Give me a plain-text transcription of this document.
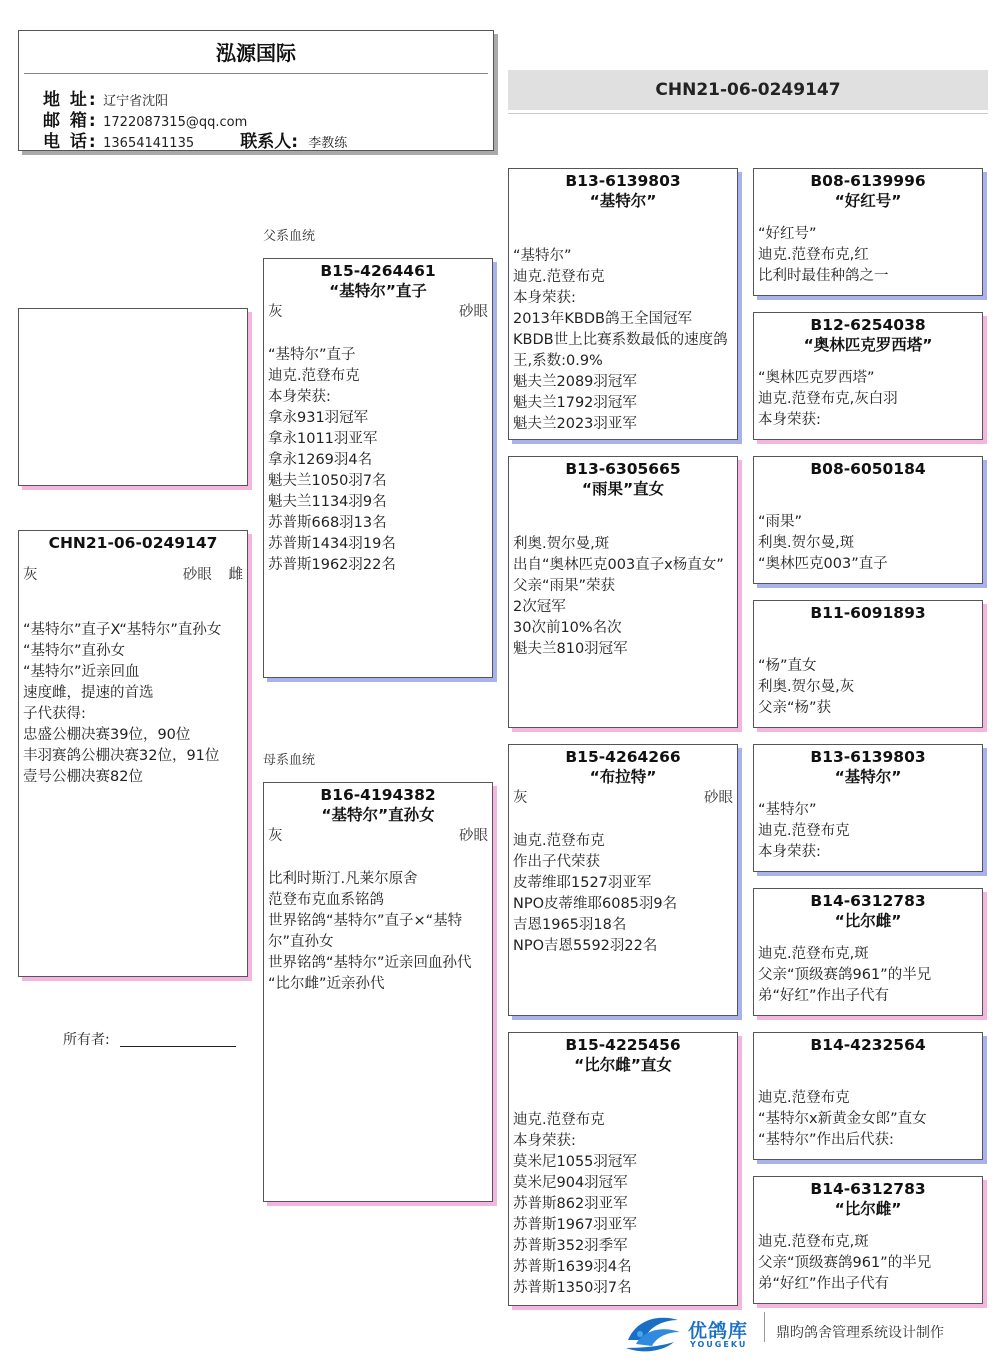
泓源国际
地 址: 辽宁省沈阳
邮 箱: 1722087315@qq.com
电 话: 13654141135	联系人: 李教练
CHN21-06-0249147
CHN21-06-0249147
灰	砂眼 雌
“基特尔”直子X“基特尔”直孙女
“基特尔”直孙女
“基特尔”近亲回血
速度雌，提速的首选
子代获得:
忠盛公棚决赛39位，90位
丰羽赛鸽公棚决赛32位，91位
壹号公棚决赛82位
所有者:
父系血统
母系血统
B15-4264461
“基特尔”直子
灰	砂眼
“基特尔”直子
迪克.范登布克
本身荣获:
拿永931羽冠军
拿永1011羽亚军
拿永1269羽4名
魁夫兰1050羽7名
魁夫兰1134羽9名
苏普斯668羽13名
苏普斯1434羽19名
苏普斯1962羽22名
B16-4194382
“基特尔”直孙女
灰	砂眼
比利时斯汀.凡莱尔原舍
范登布克血系铭鸽
世界铭鸽“基特尔”直子×“基特尔”直孙女
世界铭鸽“基特尔”近亲回血孙代
“比尔雌”近亲孙代
B13-6139803
“基特尔”
“基特尔”
迪克.范登布克
本身荣获:
2013年KBDB鸽王全国冠军
KBDB世上比赛系数最低的速度鸽王,系数:0.9%
魁夫兰2089羽冠军
魁夫兰1792羽冠军
魁夫兰2023羽亚军
B13-6305665
“雨果”直女
利奥.贺尔曼,斑
出自“奥林匹克003直子x杨直女”
父亲“雨果”荣获
2次冠军
30次前10%名次
魁夫兰810羽冠军
B15-4264266
“布拉特”
灰	砂眼
迪克.范登布克
作出子代荣获
皮蒂维耶1527羽亚军
NPO皮蒂维耶6085羽9名
吉恩1965羽18名
NPO吉恩5592羽22名
B15-4225456
“比尔雌”直女
迪克.范登布克
本身荣获:
莫米尼1055羽冠军
莫米尼904羽冠军
苏普斯862羽亚军
苏普斯1967羽亚军
苏普斯352羽季军
苏普斯1639羽4名
苏普斯1350羽7名
B08-6139996
“好红号”
“好红号”
迪克.范登布克,红
比利时最佳种鸽之一
B12-6254038
“奥林匹克罗西塔”
“奥林匹克罗西塔”
迪克.范登布克,灰白羽
本身荣获:
B08-6050184
“雨果”
利奥.贺尔曼,斑
“奥林匹克003”直子
B11-6091893
“杨”直女
利奥.贺尔曼,灰
父亲“杨”获
B13-6139803
“基特尔”
“基特尔”
迪克.范登布克
本身荣获:
B14-6312783
“比尔雌”
迪克.范登布克,斑
父亲“顶级赛鸽961”的半兄
弟“好红”作出子代有
B14-4232564
迪克.范登布克
“基特尔x新黄金女郎”直女
“基特尔”作出后代获:
B14-6312783
“比尔雌”
迪克.范登布克,斑
父亲“顶级赛鸽961”的半兄
弟“好红”作出子代有
优鸽库
YOUGEKU
鼎昀鸽舍管理系统设计制作
